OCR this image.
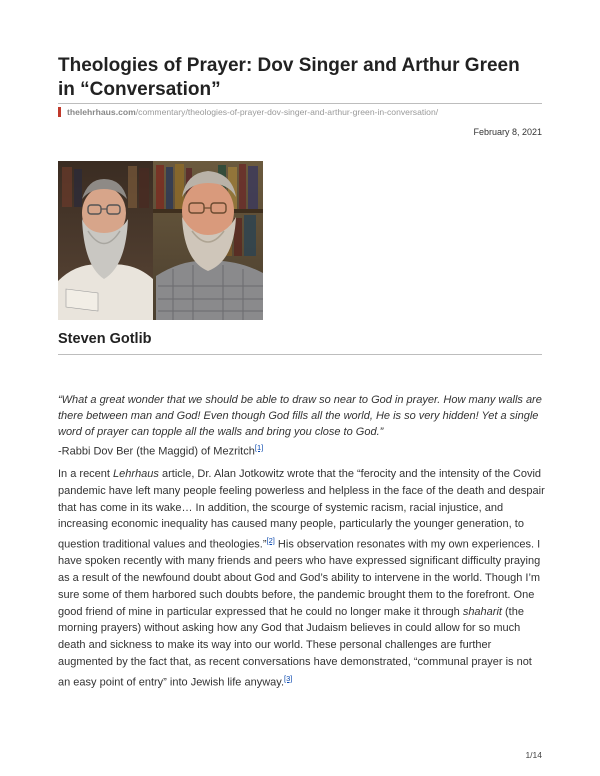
Theologies of Prayer: Dov Singer and Arthur Green in “Conversation”
thelehrhaus.com/commentary/theologies-of-prayer-dov-singer-and-arthur-green-in-conversation/
February 8, 2021
Steven Gotlib

“What a great wonder that we should be able to draw so near to God in prayer. How many walls are there between man and God! Even though God fills all the world, He is so very hidden! Yet a single word of prayer can topple all the walls and bring you close to God.”

-Rabbi Dov Ber (the Maggid) of Mezritch[1]

In a recent Lehrhaus article, Dr. Alan Jotkowitz wrote that the “ferocity and the intensity of the Covid pandemic have left many people feeling powerless and helpless in the face of the death and despair that has come in its wake… In addition, the scourge of systemic racism, racial injustice, and increasing economic inequality has caused many people, particularly the younger generation, to question traditional values and theologies.”[2] His observation resonates with my own experiences. I have spoken recently with many friends and peers who have expressed significant difficulty praying as a result of the newfound doubt about God and God’s ability to intervene in the world. Though I’m sure some of them harbored such doubts before, the pandemic brought them to the forefront. One good friend of mine in particular expressed that he could no longer make it through shaharit (the morning prayers) without asking how any God that Judaism believes in could allow for so much death and sickness to make its way into our world. These personal challenges are further augmented by the fact that, as recent conversations have demonstrated, “communal prayer is not an easy point of entry” into Jewish life anyway.[3]

1/14
